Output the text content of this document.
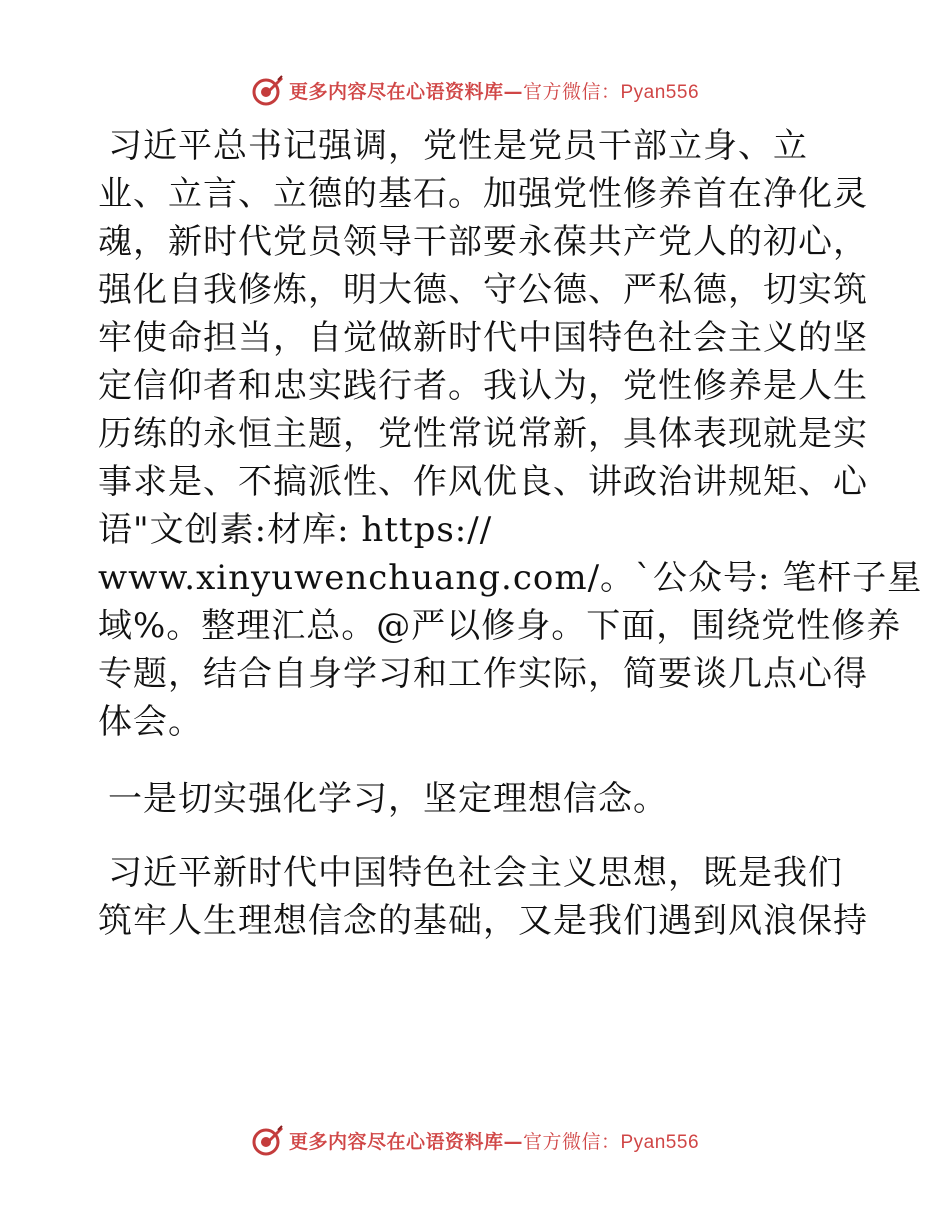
更多内容尽在心语资料库—官方微信：Pyan556

习近平总书记强调，党性是党员干部立身、立
业、立言、立德的基石。加强党性修养首在净化灵
魂，新时代党员领导干部要永葆共产党人的初心，
强化自我修炼，明大德、守公德、严私德，切实筑
牢使命担当，自觉做新时代中国特色社会主义的坚
定信仰者和忠实践行者。我认为，党性修养是人生
历练的永恒主题，党性常说常新，具体表现就是实
事求是、不搞派性、作风优良、讲政治讲规矩、心
语"文创素:材库: https://
www.xinyuwenchuang.com/。`公众号: 笔杆子星
域%。整理汇总。@严以修身。下面，围绕党性修养
专题，结合自身学习和工作实际，简要谈几点心得
体会。

一是切实强化学习，坚定理想信念。

习近平新时代中国特色社会主义思想，既是我们
筑牢人生理想信念的基础，又是我们遇到风浪保持

更多内容尽在心语资料库—官方微信：Pyan556
